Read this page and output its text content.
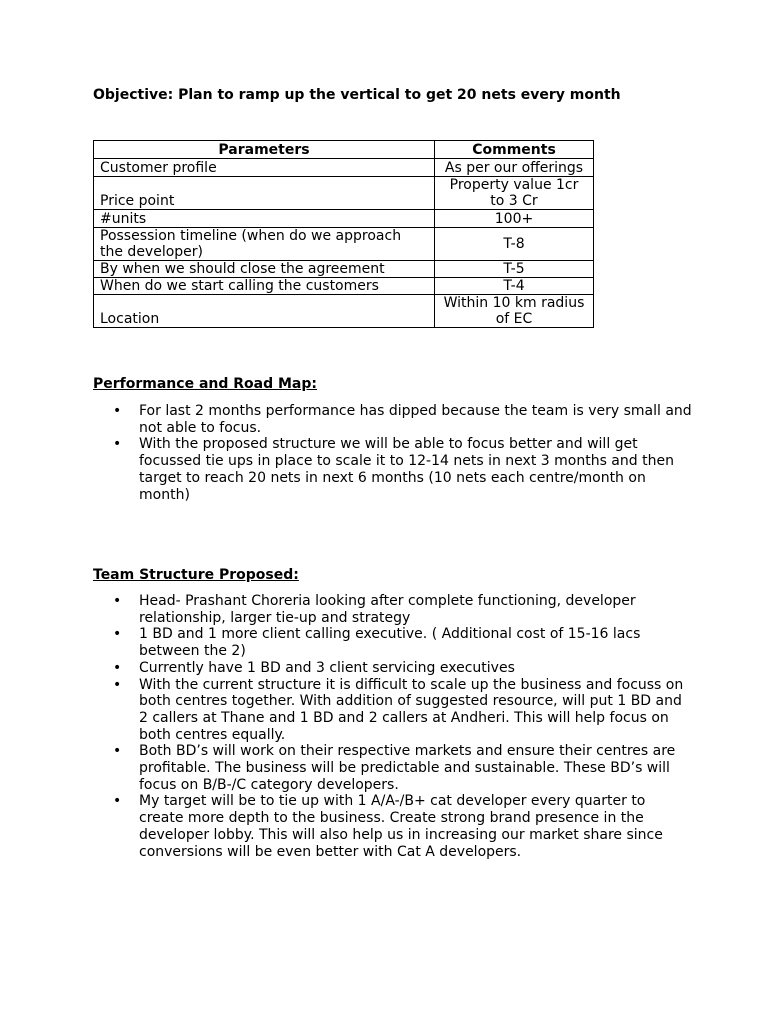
Objective: Plan to ramp up the vertical to get 20 nets every month
Parameters	Comments
Customer profile	As per our offerings
Price point	Property value 1cr to 3 Cr
#units	100+
Possession timeline (when do we approach the developer)	T-8
By when we should close the agreement	T-5
When do we start calling the customers	T-4
Location	Within 10 km radius of EC
Performance and Road Map:
• For last 2 months performance has dipped because the team is very small and not able to focus.
• With the proposed structure we will be able to focus better and will get focussed tie ups in place to scale it to 12-14 nets in next 3 months and then target to reach 20 nets in next 6 months (10 nets each centre/month on month)
Team Structure Proposed:
• Head- Prashant Choreria looking after complete functioning, developer relationship, larger tie-up and strategy
• 1 BD and 1 more client calling executive. ( Additional cost of 15-16 lacs between the 2)
• Currently have 1 BD and 3 client servicing executives
• With the current structure it is difficult to scale up the business and focuss on both centres together. With addition of suggested resource, will put 1 BD and 2 callers at Thane and 1 BD and 2 callers at Andheri. This will help focus on both centres equally.
• Both BD’s will work on their respective markets and ensure their centres are profitable. The business will be predictable and sustainable. These BD’s will focus on B/B-/C category developers.
• My target will be to tie up with 1 A/A-/B+ cat developer every quarter to create more depth to the business. Create strong brand presence in the developer lobby. This will also help us in increasing our market share since conversions will be even better with Cat A developers.
